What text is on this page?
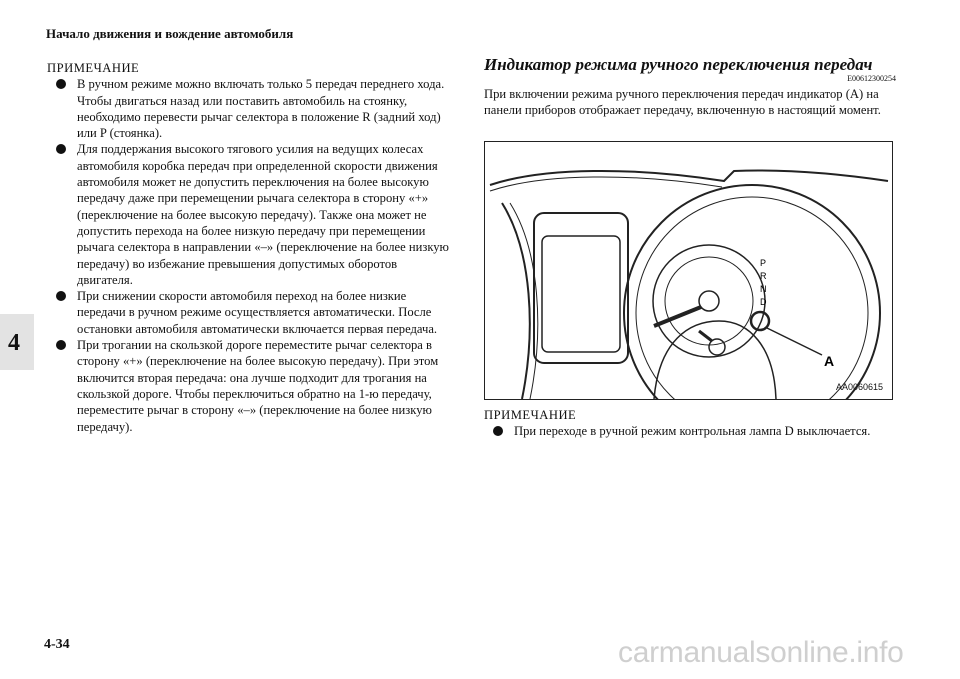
Начало движения и вождение автомобиля
4
ПРИМЕЧАНИЕ
В ручном режиме можно включать только 5 передач переднего хода. Чтобы двигаться назад или поставить автомобиль на стоянку, необходимо перевести рычаг селектора в положение R (задний ход) или P (стоянка).
Для поддержания высокого тягового усилия на ведущих колесах автомобиля коробка передач при определенной скорости движения автомобиля может не допустить переключения на более высокую передачу даже при перемещении рычага селектора в сторону «+» (переключение на более высокую передачу). Также она может не допустить перехода на более низкую передачу при перемещении рычага селектора в направлении «–» (переключение на более низкую передачу) во избежание превышения допустимых оборотов двигателя.
При снижении скорости автомобиля переход на более низкие передачи в ручном режиме осуществляется автоматически. После остановки автомобиля автоматически включается первая передача.
При трогании на скользкой дороге переместите рычаг селектора в сторону «+» (переключение на более высокую передачу). При этом включится вторая передача: она лучше подходит для трогания на скользкой дороге. Чтобы переключиться обратно на 1-ю передачу, переместите рычаг в сторону «–» (переключение на более низкую передачу).
Индикатор режима ручного переключения передач
E00612300254
При включении режима ручного переключения передач индикатор (A) на панели приборов отображает передачу, включенную в настоящий момент.
P
R
N
D
A
AA0060615
ПРИМЕЧАНИЕ
При переходе в ручной режим контрольная лампа D выключается.
4-34	carmanualsonline.info
